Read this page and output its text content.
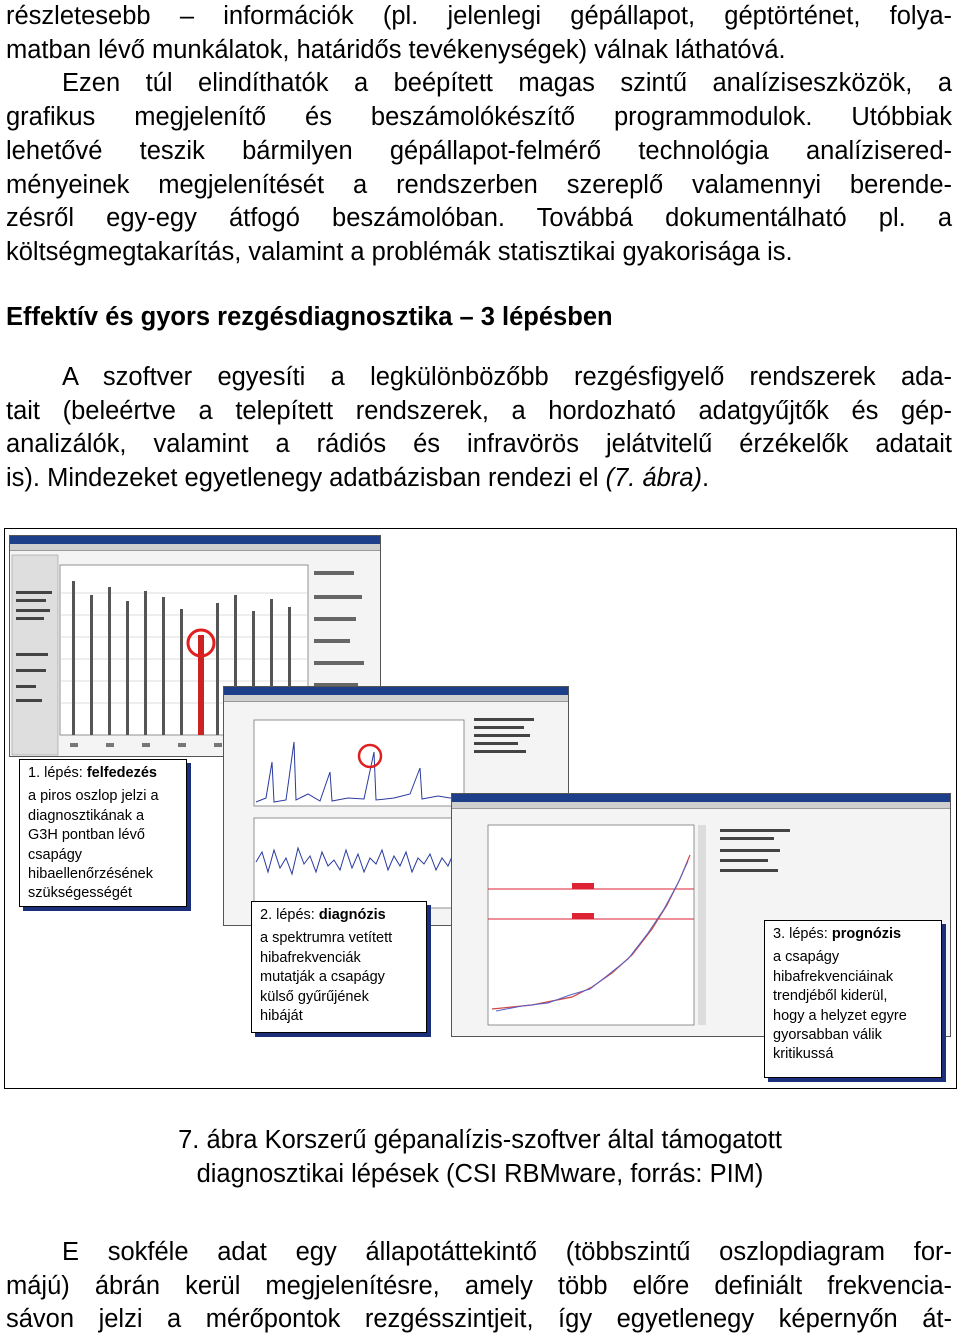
részletesebb – információk (pl. jelenlegi gépállapot, géptörténet, folya-
matban lévő munkálatok, határidős tevékenységek) válnak láthatóvá.
Ezen túl elindíthatók a beépített magas szintű analíziseszközök, a
grafikus megjelenítő és beszámolókészítő programmodulok. Utóbbiak
lehetővé teszik bármilyen gépállapot-felmérő technológia analízisered-
ményeinek megjelenítését a rendszerben szereplő valamennyi berende-
zésről egy-egy átfogó beszámolóban. Továbbá dokumentálható pl. a
költségmegtakarítás, valamint a problémák statisztikai gyakorisága is.
Effektív és gyors rezgésdiagnosztika – 3 lépésben
A szoftver egyesíti a legkülönbözőbb rezgésfigyelő rendszerek ada-
tait (beleértve a telepített rendszerek, a hordozható adatgyűjtők és gép-
analizálók, valamint a rádiós és infravörös jelátvitelű érzékelők adatait
is). Mindezeket egyetlenegy adatbázisban rendezi el (7. ábra).
1. lépés: felfedezés
a piros oszlop jelzi a
diagnosztikának a
G3H pontban lévő
csapágy
hibaellenőrzésének
szükségességét
2. lépés: diagnózis
a spektrumra vetített
hibafrekvenciák
mutatják a csapágy
külső gyűrűjének
hibáját
3. lépés: prognózis
a csapágy
hibafrekvenciáinak
trendjéből kiderül,
hogy a helyzet egyre
gyorsabban válik
kritikussá
7. ábra Korszerű gépanalízis-szoftver által támogatott
diagnosztikai lépések (CSI RBMware, forrás: PIM)
E sokféle adat egy állapotáttekintő (többszintű oszlopdiagram for-
májú) ábrán kerül megjelenítésre, amely több előre definiált frekvencia-
sávon jelzi a mérőpontok rezgésszintjeit, így egyetlenegy képernyőn át-
